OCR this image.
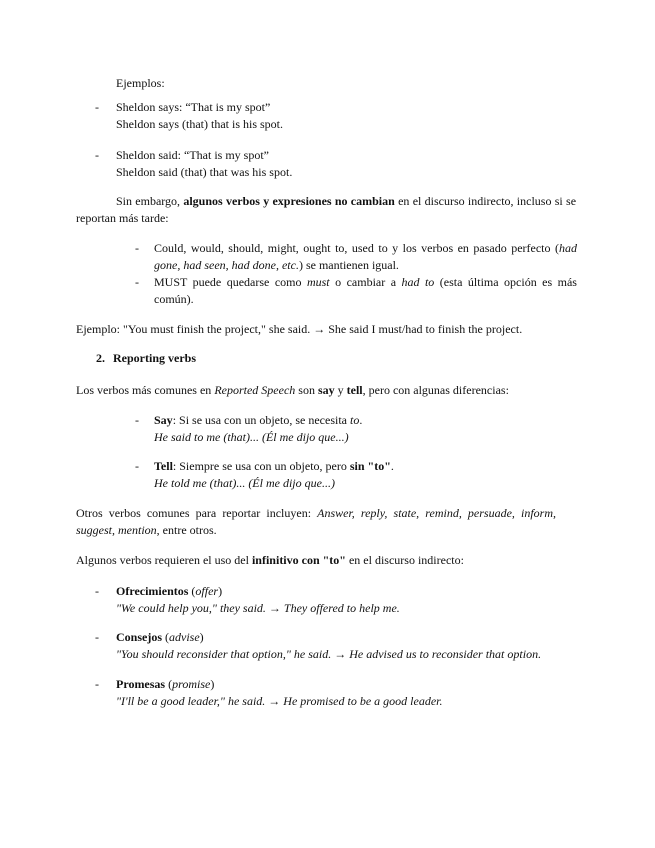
Ejemplos:
- Sheldon says: “That is my spot”
Sheldon says (that) that is his spot.
- Sheldon said: “That is my spot”
Sheldon said (that) that was his spot.
Sin embargo, algunos verbos y expresiones no cambian en el discurso indirecto, incluso si se reportan más tarde:
- Could, would, should, might, ought to, used to y los verbos en pasado perfecto (had gone, had seen, had done, etc.) se mantienen igual.
- MUST puede quedarse como must o cambiar a had to (esta última opción es más común).
Ejemplo: "You must finish the project," she said. → She said I must/had to finish the project.
2. Reporting verbs
Los verbos más comunes en Reported Speech son say y tell, pero con algunas diferencias:
- Say: Si se usa con un objeto, se necesita to.
He said to me (that)... (Él me dijo que...)
- Tell: Siempre se usa con un objeto, pero sin "to".
He told me (that)... (Él me dijo que...)
Otros verbos comunes para reportar incluyen: Answer, reply, state, remind, persuade, inform, suggest, mention, entre otros.
Algunos verbos requieren el uso del infinitivo con "to" en el discurso indirecto:
- Ofrecimientos (offer)
"We could help you," they said. → They offered to help me.
- Consejos (advise)
"You should reconsider that option," he said. → He advised us to reconsider that option.
- Promesas (promise)
"I'll be a good leader," he said. → He promised to be a good leader.
